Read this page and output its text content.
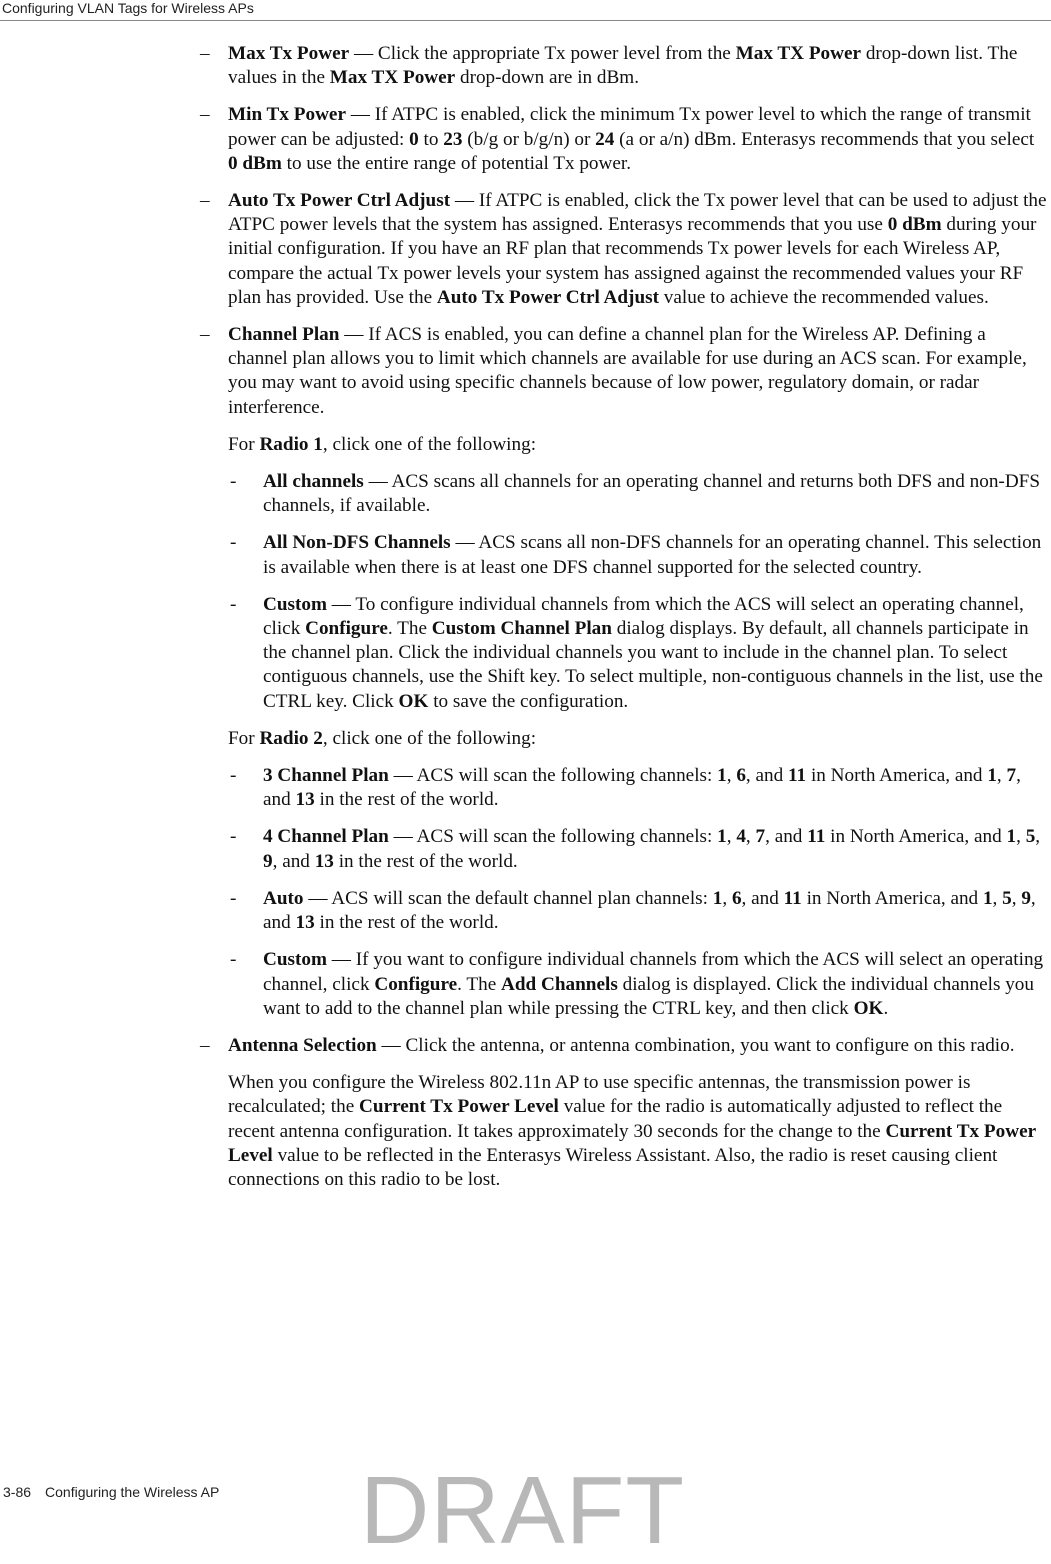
Configuring VLAN Tags for Wireless APs
– Max Tx Power — Click the appropriate Tx power level from the Max TX Power drop-down list. The values in the Max TX Power drop-down are in dBm.

– Min Tx Power — If ATPC is enabled, click the minimum Tx power level to which the range of transmit power can be adjusted: 0 to 23 (b/g or b/g/n) or 24 (a or a/n) dBm. Enterasys recommends that you select 0 dBm to use the entire range of potential Tx power.

– Auto Tx Power Ctrl Adjust — If ATPC is enabled, click the Tx power level that can be used to adjust the ATPC power levels that the system has assigned. Enterasys recommends that you use 0 dBm during your initial configuration. If you have an RF plan that recommends Tx power levels for each Wireless AP, compare the actual Tx power levels your system has assigned against the recommended values your RF plan has provided. Use the Auto Tx Power Ctrl Adjust value to achieve the recommended values.

– Channel Plan — If ACS is enabled, you can define a channel plan for the Wireless AP. Defining a channel plan allows you to limit which channels are available for use during an ACS scan. For example, you may want to avoid using specific channels because of low power, regulatory domain, or radar interference.

For Radio 1, click one of the following:

- All channels — ACS scans all channels for an operating channel and returns both DFS and non-DFS channels, if available.

- All Non-DFS Channels — ACS scans all non-DFS channels for an operating channel. This selection is available when there is at least one DFS channel supported for the selected country.

- Custom — To configure individual channels from which the ACS will select an operating channel, click Configure. The Custom Channel Plan dialog displays. By default, all channels participate in the channel plan. Click the individual channels you want to include in the channel plan. To select contiguous channels, use the Shift key. To select multiple, non-contiguous channels in the list, use the CTRL key. Click OK to save the configuration.

For Radio 2, click one of the following:

- 3 Channel Plan — ACS will scan the following channels: 1, 6, and 11 in North America, and 1, 7, and 13 in the rest of the world.

- 4 Channel Plan — ACS will scan the following channels: 1, 4, 7, and 11 in North America, and 1, 5, 9, and 13 in the rest of the world.

- Auto — ACS will scan the default channel plan channels: 1, 6, and 11 in North America, and 1, 5, 9, and 13 in the rest of the world.

- Custom — If you want to configure individual channels from which the ACS will select an operating channel, click Configure. The Add Channels dialog is displayed. Click the individual channels you want to add to the channel plan while pressing the CTRL key, and then click OK.

– Antenna Selection — Click the antenna, or antenna combination, you want to configure on this radio.

When you configure the Wireless 802.11n AP to use specific antennas, the transmission power is recalculated; the Current Tx Power Level value for the radio is automatically adjusted to reflect the recent antenna configuration. It takes approximately 30 seconds for the change to the Current Tx Power Level value to be reflected in the Enterasys Wireless Assistant. Also, the radio is reset causing client connections on this radio to be lost.

3-86 Configuring the Wireless AP DRAFT
